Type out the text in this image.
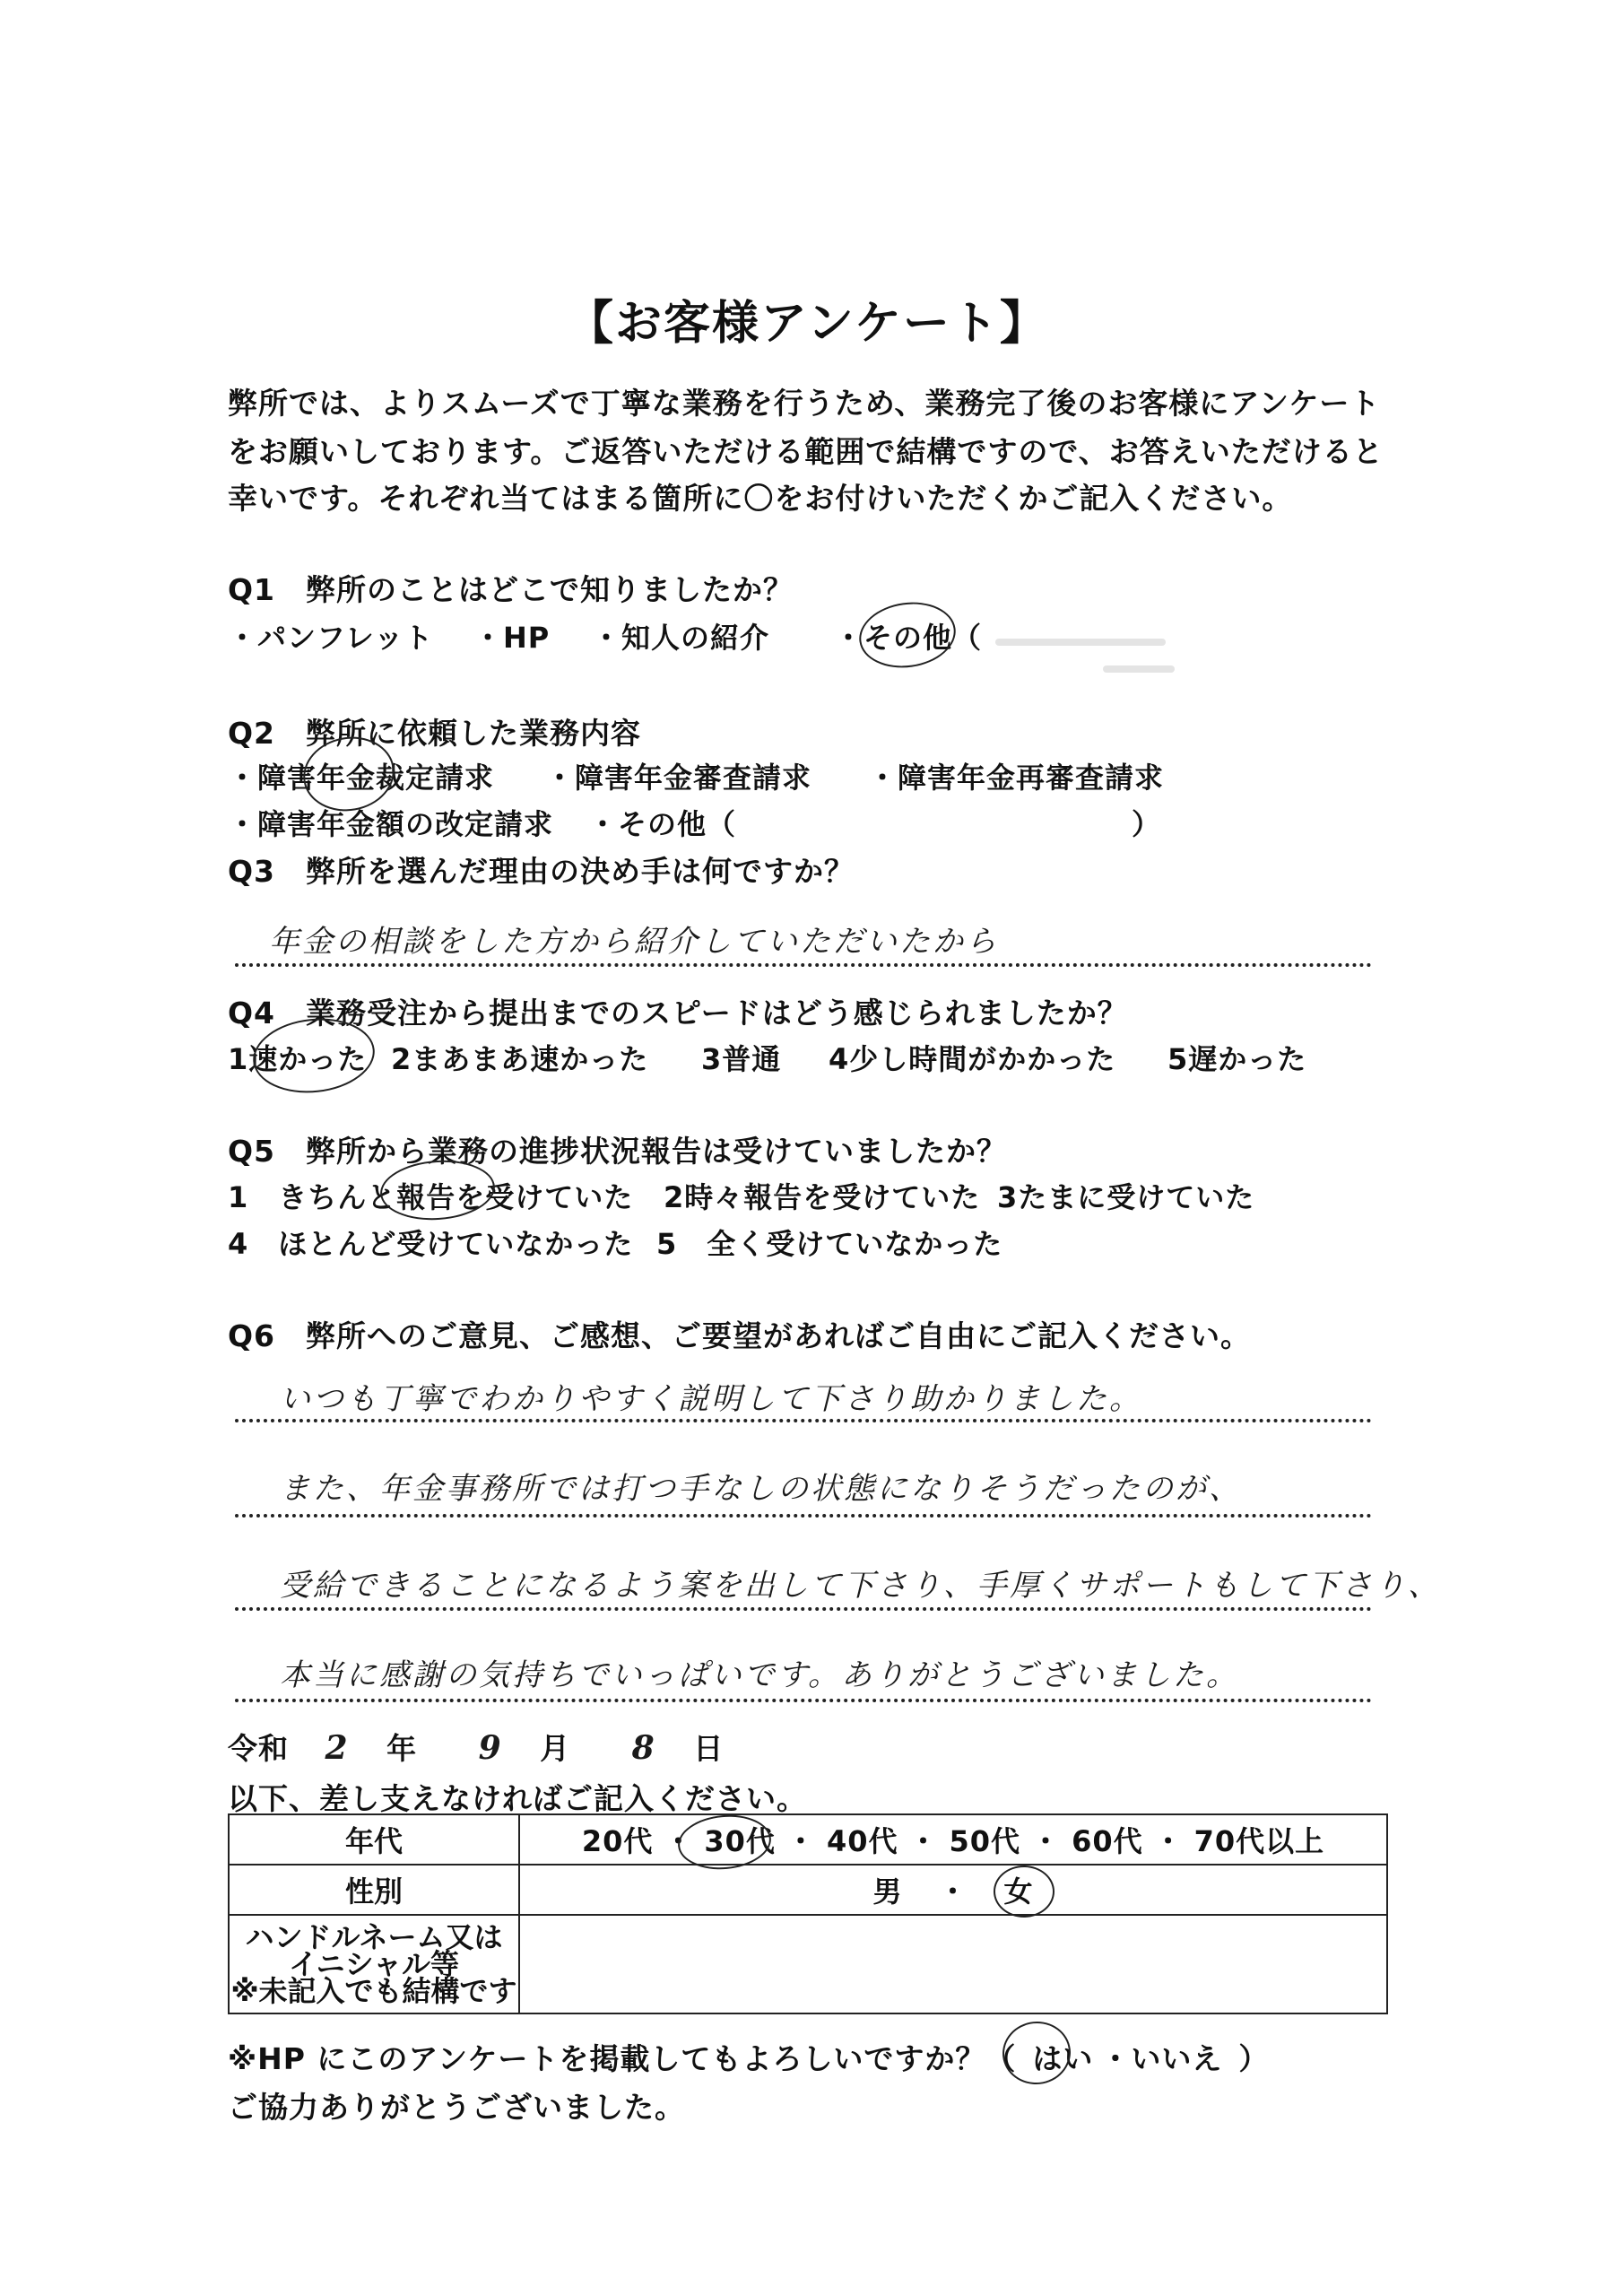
【お客様アンケート】
弊所では、よりスムーズで丁寧な業務を行うため、業務完了後のお客様にアンケート
をお願いしております。ご返答いただける範囲で結構ですので、お答えいただけると
幸いです。それぞれ当てはまる箇所に〇をお付けいただくかご記入ください。
Q1　弊所のことはどこで知りましたか？
・パンフレット ・HP ・知人の紹介 ・その他（
Q2　弊所に依頼した業務内容
・障害年金裁定請求 ・障害年金審査請求 ・障害年金再審査請求
・障害年金額の改定請求 ・その他（	）
Q3　弊所を選んだ理由の決め手は何ですか？
年金の相談をした方から紹介していただいたから
Q4　業務受注から提出までのスピードはどう感じられましたか？
1速かった 2まあまあ速かった 3普通 4少し時間がかかった 5遅かった
Q5　弊所から業務の進捗状況報告は受けていましたか？
1　きちんと報告を受けていた 2時々報告を受けていた 3たまに受けていた
4　ほとんど受けていなかった 5　全く受けていなかった
Q6　弊所へのご意見、ご感想、ご要望があればご自由にご記入ください。
いつも丁寧でわかりやすく説明して下さり助かりました。
また、年金事務所では打つ手なしの状態になりそうだったのが、
受給できることになるよう案を出して下さり、手厚くサポートもして下さり、
本当に感謝の気持ちでいっぱいです。ありがとうございました。
令和 2 年 9 月 8 日
以下、差し支えなければご記入ください。
年代	20代 ・ 30代 ・ 40代 ・ 50代 ・ 60代 ・ 70代以上
性別	男 ・ 女

ハンドルネーム又は
イニシャル等
※未記入でも結構です	

※HP にこのアンケートを掲載してもよろしいですか？（ はい ・いいえ ）
ご協力ありがとうございました。
